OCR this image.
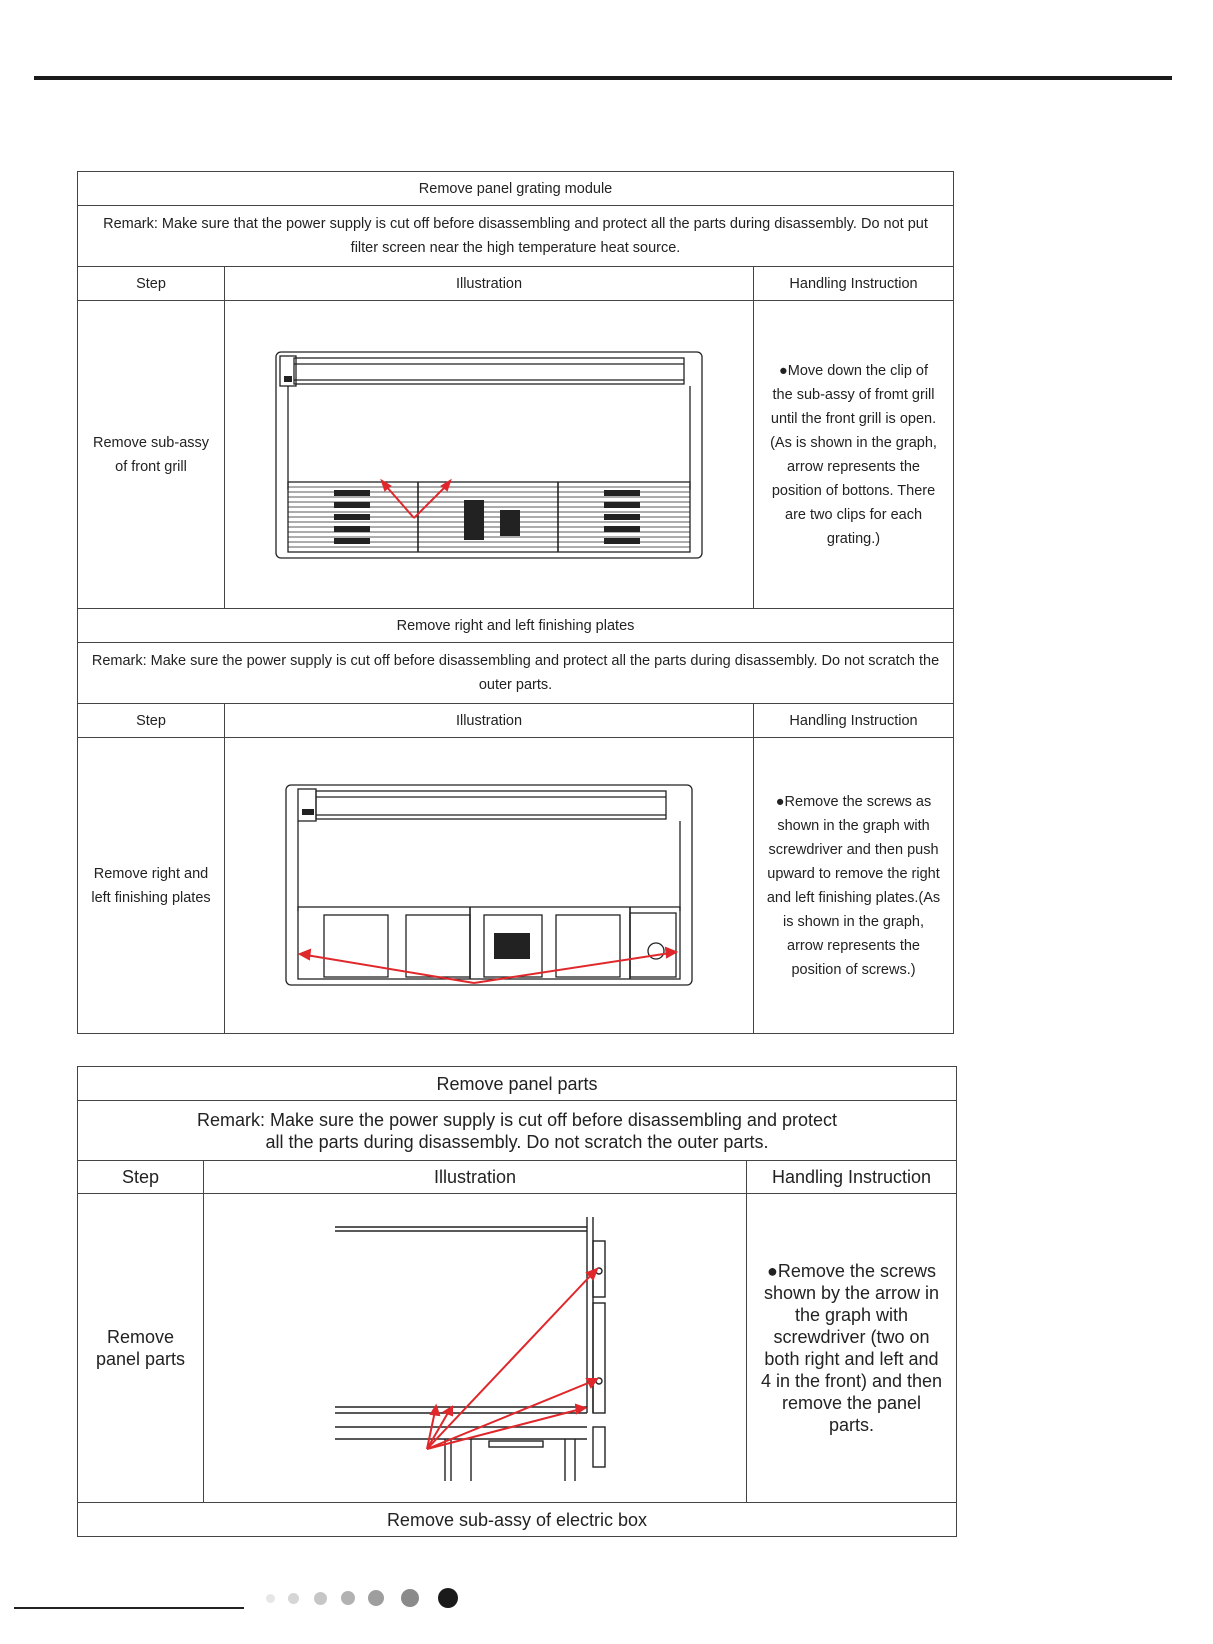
Remove panel grating module		
Remark: Make sure that the power supply is cut off before disassembling and protect all the parts during disassembly. Do not put filter screen near the high temperature heat source.		
Step	Illustration	Handling Instruction
Remove sub-assy of front grill		●Move down the clip of the sub-assy of fromt grill until the front grill is open. (As is shown in the graph, arrow represents the position of bottons. There are two clips for each grating.)
Remove right and left finishing plates		
Remark: Make sure the power supply is cut off before disassembling and protect all the parts during disassembly. Do not scratch the outer parts.		
Step	Illustration	Handling Instruction
Remove right and left finishing plates		●Remove the screws as shown in the graph with screwdriver and then push upward to remove the right and left finishing plates.(As is shown in the graph, arrow represents the position of screws.)
Remove panel parts		
Remark: Make sure the power supply is cut off before disassembling and protect all the parts during disassembly. Do not scratch the outer parts.		
Step	Illustration	Handling Instruction
Remove panel parts		●Remove the screws shown by the arrow in the graph with screwdriver (two on both right and left and 4 in the front) and then remove the panel parts.
Remove sub-assy of electric box		
